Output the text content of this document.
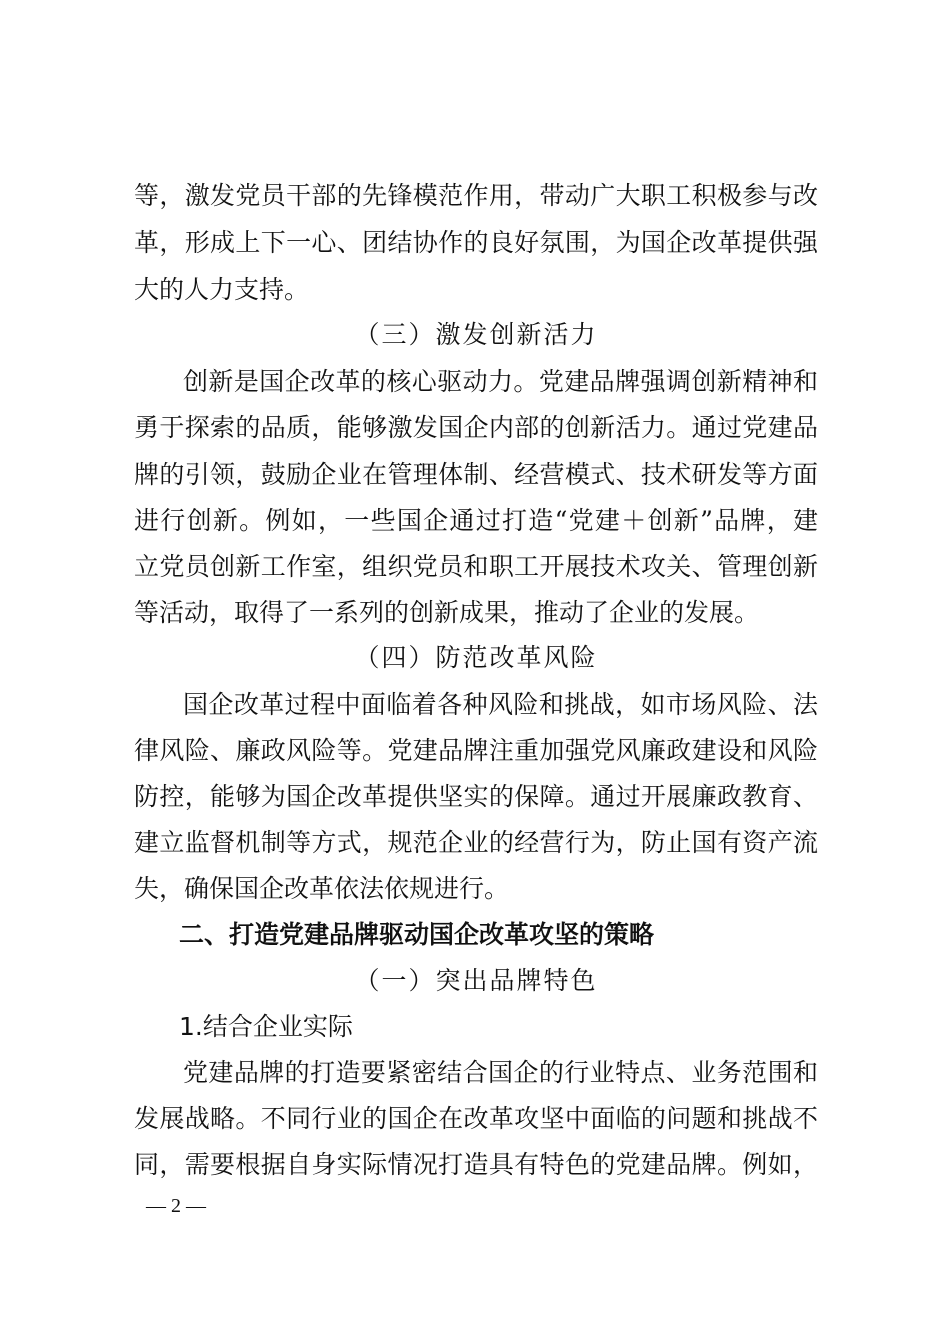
等，激发党员干部的先锋模范作用，带动广大职工积极参与改
革，形成上下一心、团结协作的良好氛围，为国企改革提供强
大的人力支持。
（三）激发创新活力
创新是国企改革的核心驱动力。党建品牌强调创新精神和
勇于探索的品质，能够激发国企内部的创新活力。通过党建品
牌的引领，鼓励企业在管理体制、经营模式、技术研发等方面
进行创新。例如，一些国企通过打造“党建＋创新”品牌，建
立党员创新工作室，组织党员和职工开展技术攻关、管理创新
等活动，取得了一系列的创新成果，推动了企业的发展。
（四）防范改革风险
国企改革过程中面临着各种风险和挑战，如市场风险、法
律风险、廉政风险等。党建品牌注重加强党风廉政建设和风险
防控，能够为国企改革提供坚实的保障。通过开展廉政教育、
建立监督机制等方式，规范企业的经营行为，防止国有资产流
失，确保国企改革依法依规进行。
二、打造党建品牌驱动国企改革攻坚的策略
（一）突出品牌特色
1.结合企业实际
党建品牌的打造要紧密结合国企的行业特点、业务范围和
发展战略。不同行业的国企在改革攻坚中面临的问题和挑战不
同，需要根据自身实际情况打造具有特色的党建品牌。例如，
— 2 —
